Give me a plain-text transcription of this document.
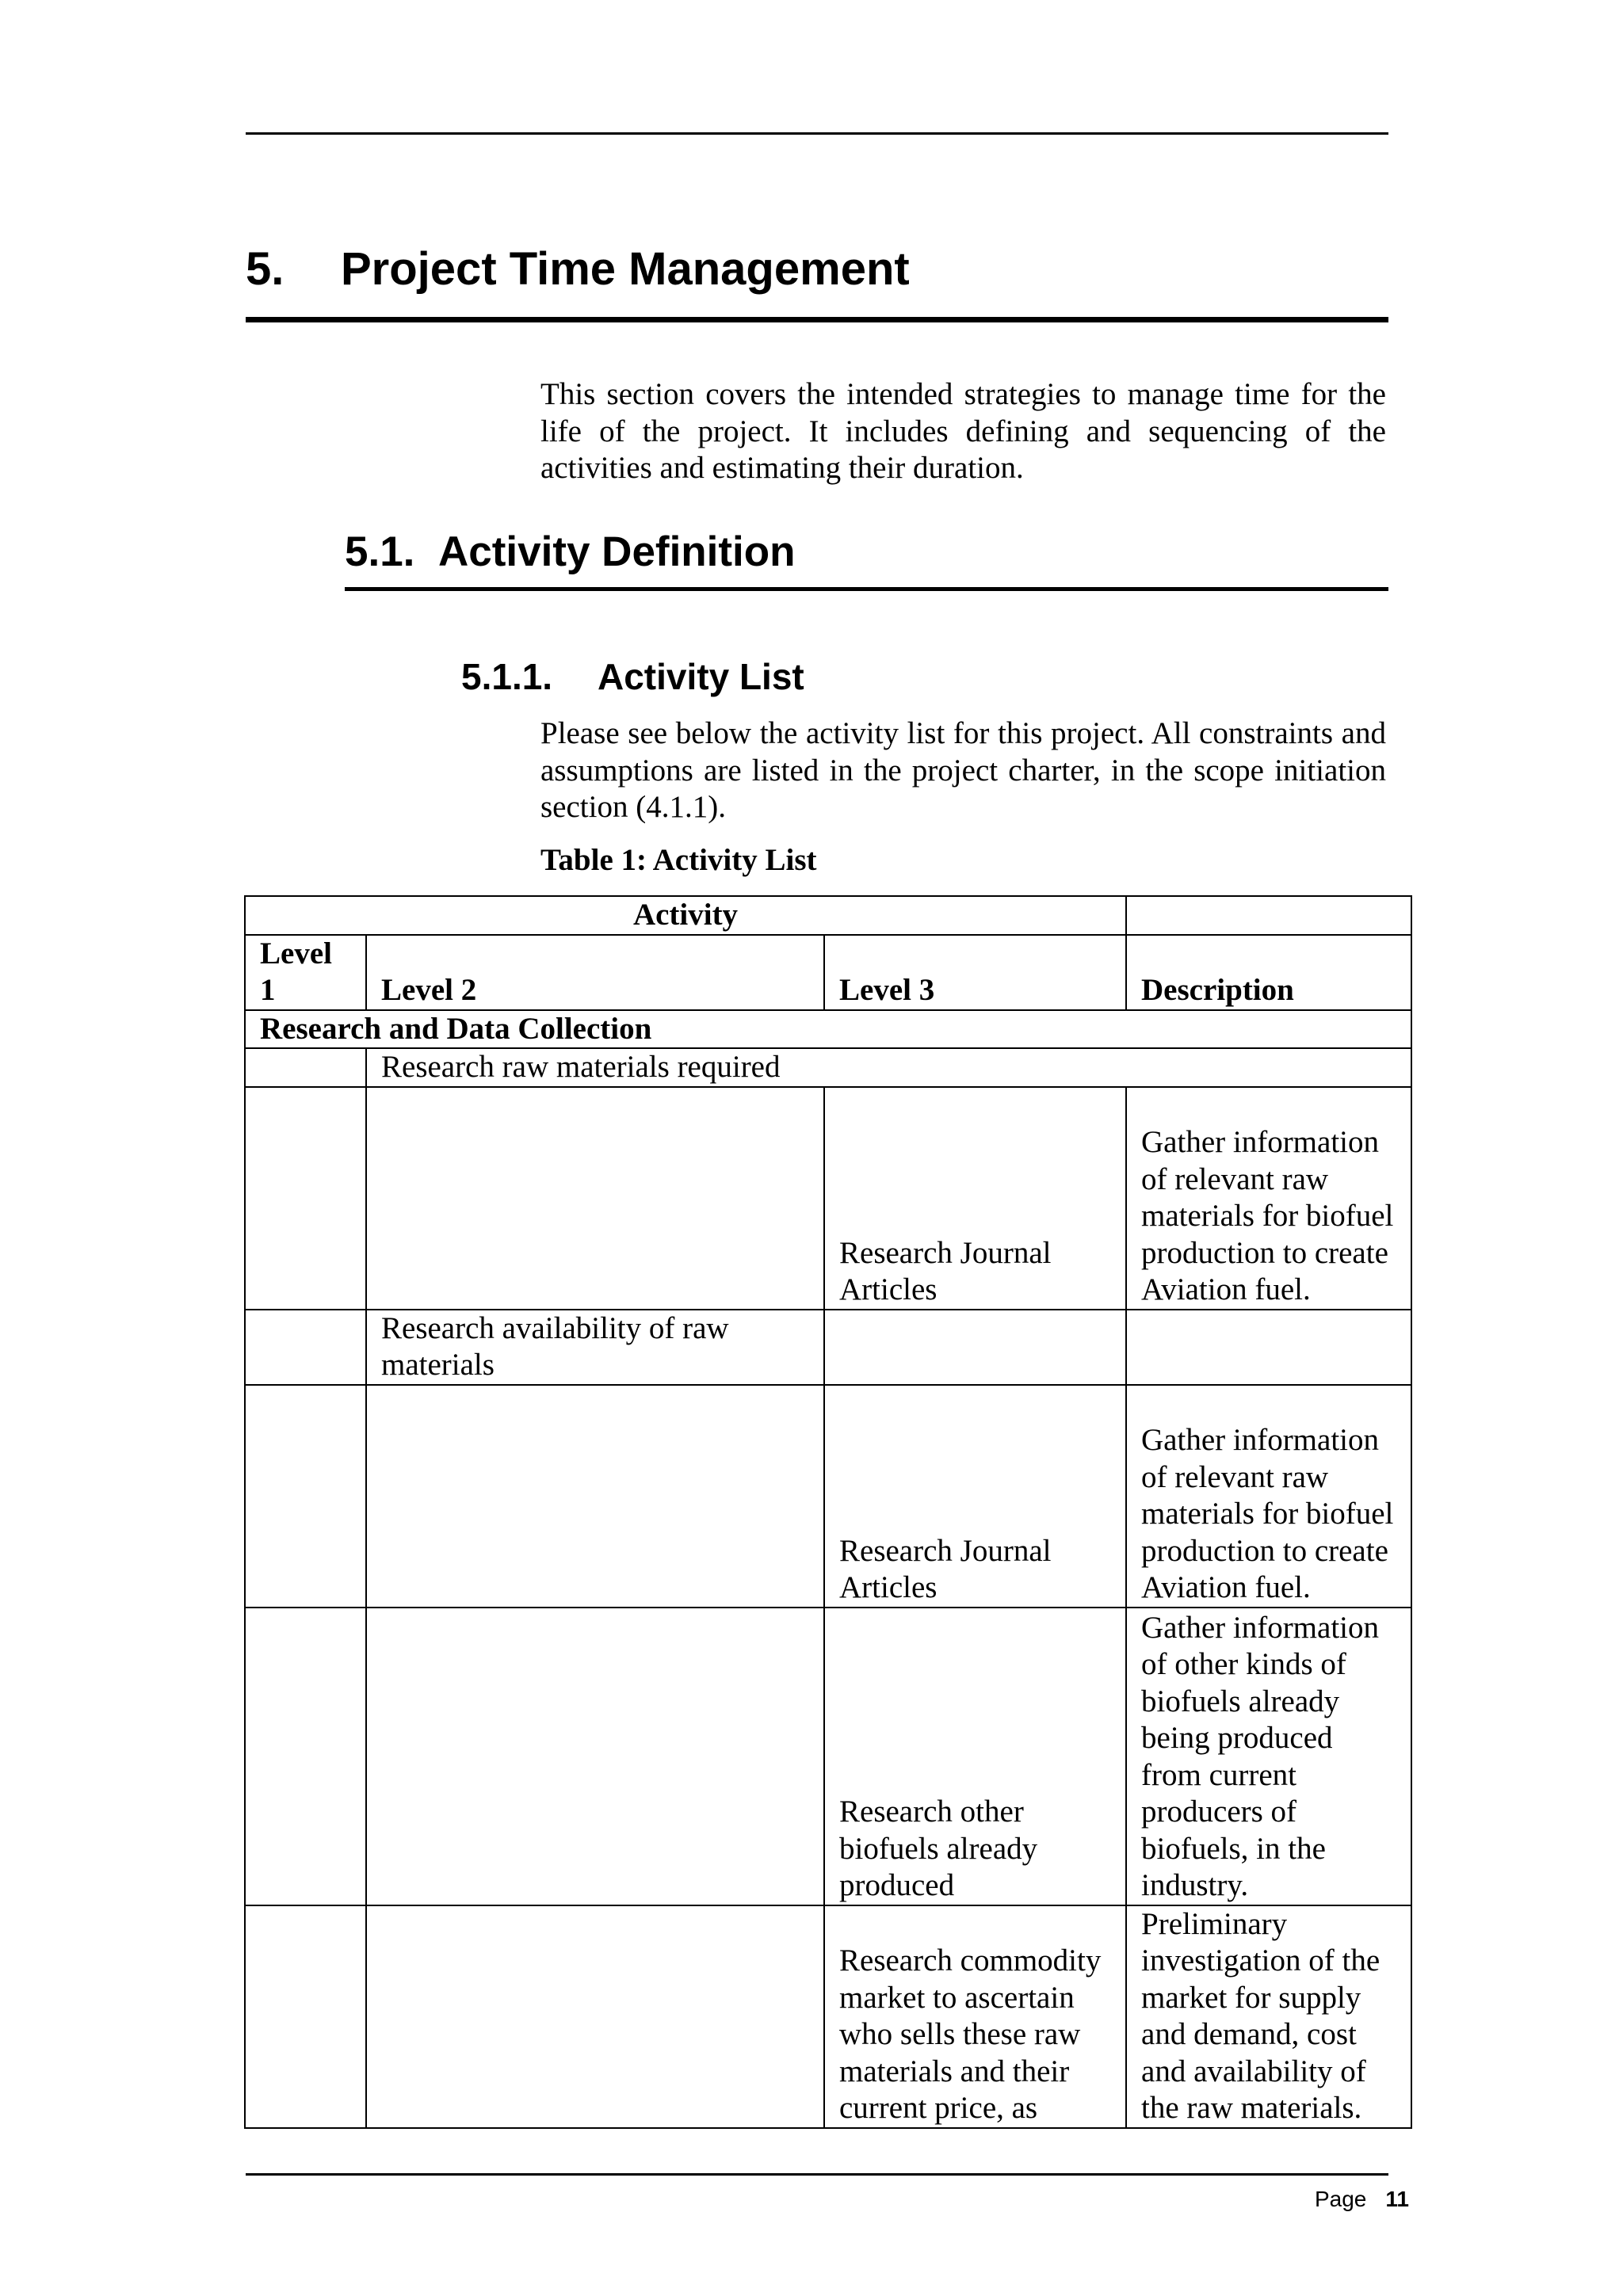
5. Project Time Management

This section covers the intended strategies to manage time for the life of the project. It includes defining and sequencing of the activities and estimating their duration.

5.1. Activity Definition
5.1.1. Activity List

Please see below the activity list for this project. All constraints and assumptions are listed in the project charter, in the scope initiation section (4.1.1).

Table 1: Activity List
Activity			
Level 1	Level 2	Level 3	Description
Research and Data Collection			
	Research raw materials required		
		Research Journal Articles	Gather information of relevant raw materials for biofuel production to create Aviation fuel.
	Research availability of raw materials		
		Research Journal Articles	Gather information of relevant raw materials for biofuel production to create Aviation fuel.
		Research other biofuels already produced	Gather information of other kinds of biofuels already being produced from current producers of biofuels, in the industry.
		Research commodity market to ascertain who sells these raw materials and their current price, as	Preliminary investigation of the market for supply and demand, cost and availability of the raw materials.
Page 11
